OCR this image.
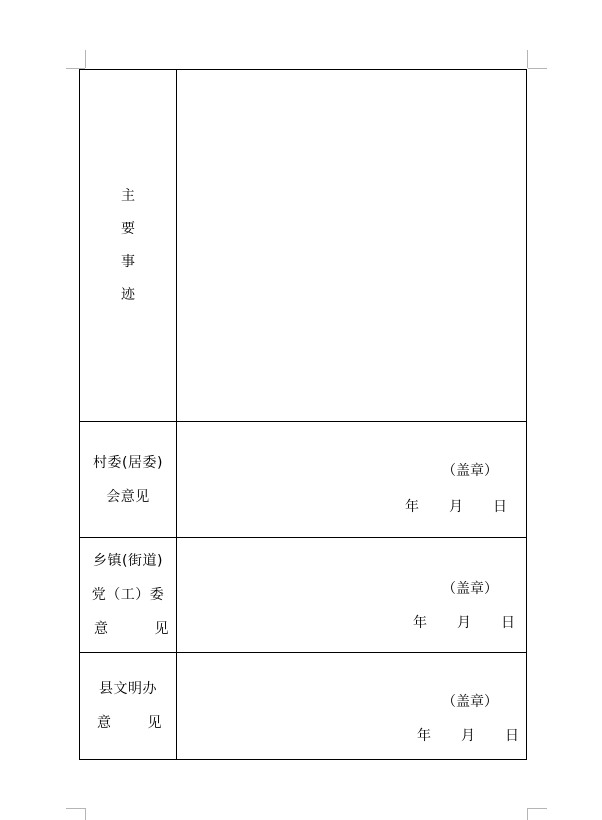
主
要
事
迹	

村委(居委)
会意见	（盖章）
年 月 日

乡镇(街道)
党（工）委
意 见	（盖章）
年 月 日

县文明办
意 见	（盖章）
年 月 日
